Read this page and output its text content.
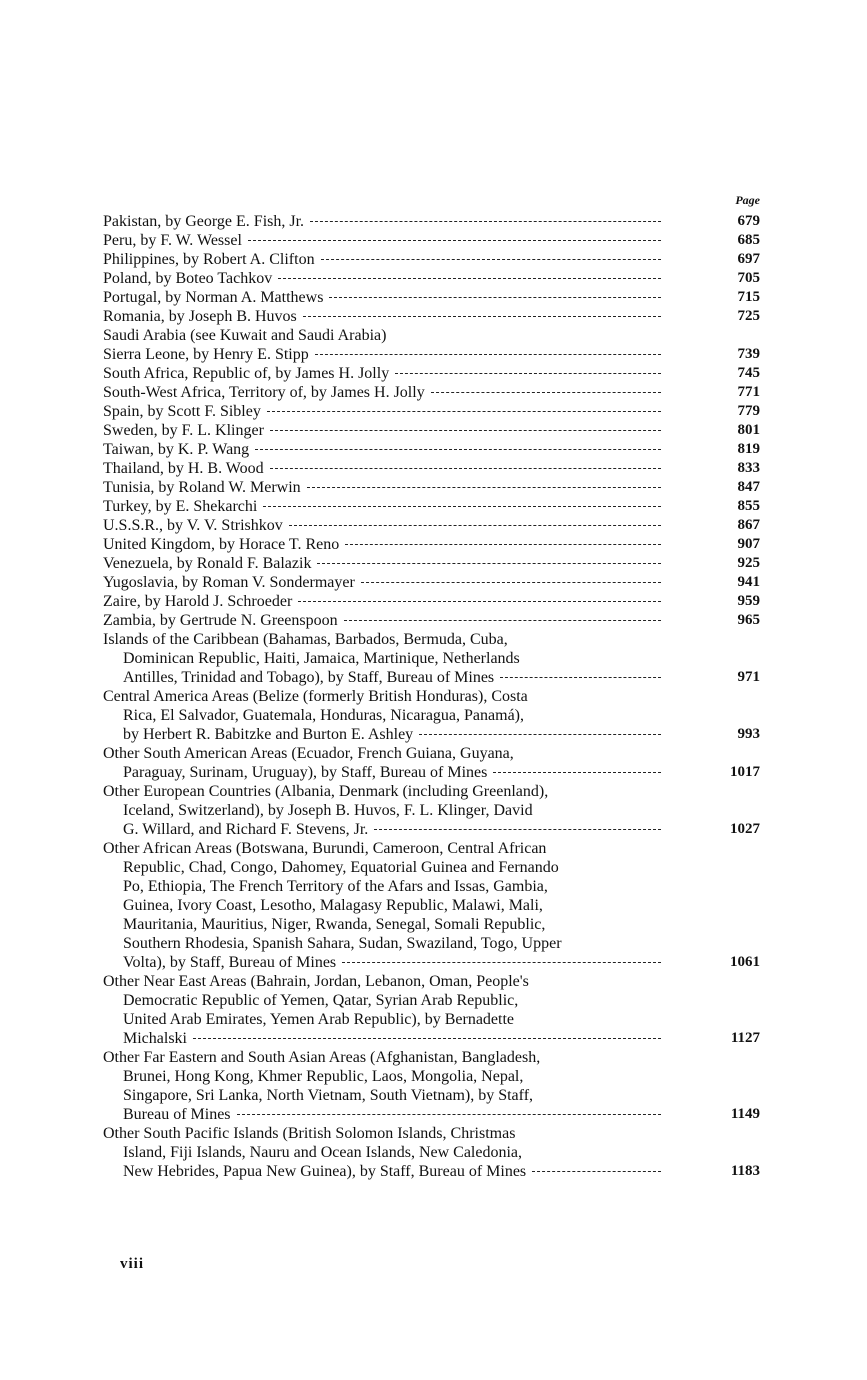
Page
Pakistan, by George E. Fish, Jr.	679
Peru, by F. W. Wessel	685
Philippines, by Robert A. Clifton	697
Poland, by Boteo Tachkov	705
Portugal, by Norman A. Matthews	715
Romania, by Joseph B. Huvos	725
Saudi Arabia (see Kuwait and Saudi Arabia)
Sierra Leone, by Henry E. Stipp	739
South Africa, Republic of, by James H. Jolly	745
South-West Africa, Territory of, by James H. Jolly	771
Spain, by Scott F. Sibley	779
Sweden, by F. L. Klinger	801
Taiwan, by K. P. Wang	819
Thailand, by H. B. Wood	833
Tunisia, by Roland W. Merwin	847
Turkey, by E. Shekarchi	855
U.S.S.R., by V. V. Strishkov	867
United Kingdom, by Horace T. Reno	907
Venezuela, by Ronald F. Balazik	925
Yugoslavia, by Roman V. Sondermayer	941
Zaire, by Harold J. Schroeder	959
Zambia, by Gertrude N. Greenspoon	965
Islands of the Caribbean (Bahamas, Barbados, Bermuda, Cuba,
Dominican Republic, Haiti, Jamaica, Martinique, Netherlands
Antilles, Trinidad and Tobago), by Staff, Bureau of Mines	971
Central America Areas (Belize (formerly British Honduras), Costa
Rica, El Salvador, Guatemala, Honduras, Nicaragua, Panamá),
by Herbert R. Babitzke and Burton E. Ashley	993
Other South American Areas (Ecuador, French Guiana, Guyana,
Paraguay, Surinam, Uruguay), by Staff, Bureau of Mines	1017
Other European Countries (Albania, Denmark (including Greenland),
Iceland, Switzerland), by Joseph B. Huvos, F. L. Klinger, David
G. Willard, and Richard F. Stevens, Jr.	1027
Other African Areas (Botswana, Burundi, Cameroon, Central African
Republic, Chad, Congo, Dahomey, Equatorial Guinea and Fernando
Po, Ethiopia, The French Territory of the Afars and Issas, Gambia,
Guinea, Ivory Coast, Lesotho, Malagasy Republic, Malawi, Mali,
Mauritania, Mauritius, Niger, Rwanda, Senegal, Somali Republic,
Southern Rhodesia, Spanish Sahara, Sudan, Swaziland, Togo, Upper
Volta), by Staff, Bureau of Mines	1061
Other Near East Areas (Bahrain, Jordan, Lebanon, Oman, People's
Democratic Republic of Yemen, Qatar, Syrian Arab Republic,
United Arab Emirates, Yemen Arab Republic), by Bernadette
Michalski	1127
Other Far Eastern and South Asian Areas (Afghanistan, Bangladesh,
Brunei, Hong Kong, Khmer Republic, Laos, Mongolia, Nepal,
Singapore, Sri Lanka, North Vietnam, South Vietnam), by Staff,
Bureau of Mines	1149
Other South Pacific Islands (British Solomon Islands, Christmas
Island, Fiji Islands, Nauru and Ocean Islands, New Caledonia,
New Hebrides, Papua New Guinea), by Staff, Bureau of Mines	1183
viii
